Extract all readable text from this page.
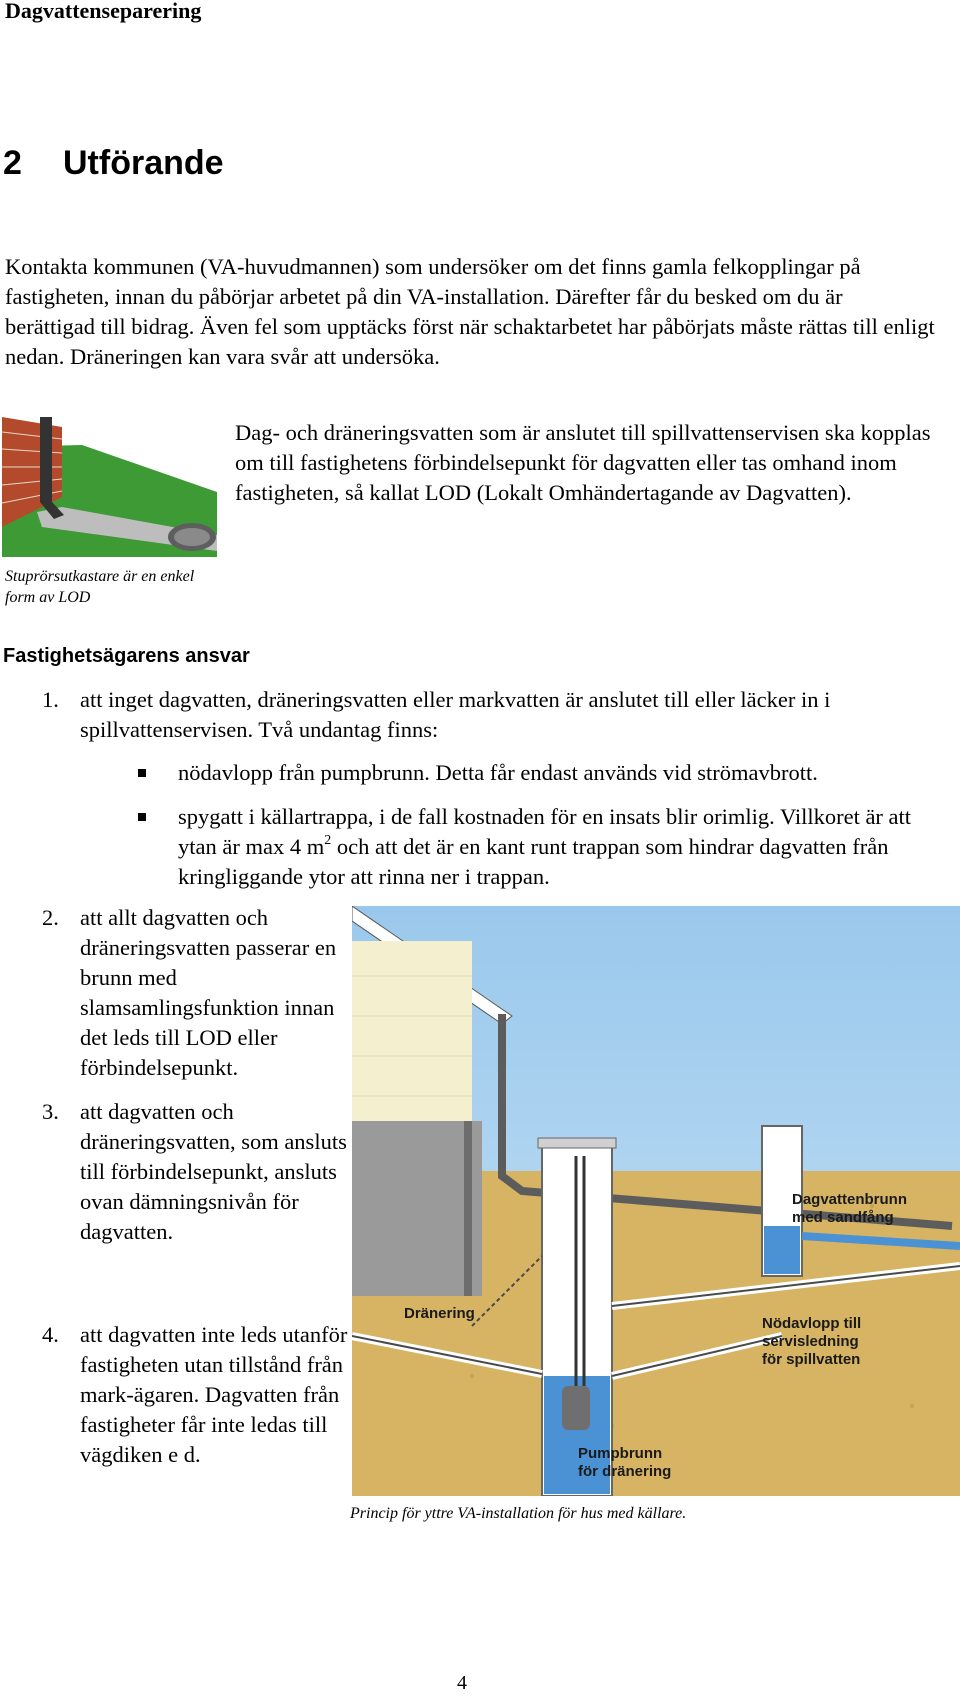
Dagvattenseparering
2 Utförande
Kontakta kommunen (VA-huvudmannen) som undersöker om det finns gamla felkopplingar på fastigheten, innan du påbörjar arbetet på din VA-installation. Därefter får du besked om du är berättigad till bidrag. Även fel som upptäcks först när schaktarbetet har påbörjats måste rättas till enligt nedan. Dräneringen kan vara svår att undersöka.
Dag- och dräneringsvatten som är anslutet till spillvattenservisen ska kopplas om till fastighetens förbindelsepunkt för dagvatten eller tas omhand inom fastigheten, så kallat LOD (Lokalt Omhändertagande av Dagvatten).
Stuprörsutkastare är en enkel form av LOD
Fastighetsägarens ansvar
1. att inget dagvatten, dräneringsvatten eller markvatten är anslutet till eller läcker in i spillvattenservisen. Två undantag finns:
nödavlopp från pumpbrunn. Detta får endast används vid strömavbrott.
spygatt i källartrappa, i de fall kostnaden för en insats blir orimlig. Villkoret är att ytan är max 4 $m^2$ och att det är en kant runt trappan som hindrar dagvatten från kringliggande ytor att rinna ner i trappan.
2. att allt dagvatten och dräneringsvatten passerar en brunn med slamsamlingsfunktion innan det leds till LOD eller förbindelsepunkt.
3. att dagvatten och dräneringsvatten, som ansluts till förbindelsepunkt, ansluts ovan dämningsnivån för dagvatten.
4. att dagvatten inte leds utanför fastigheten utan tillstånd från mark-ägaren. Dagvatten från fastigheter får inte ledas till vägdiken e d.
Dagvattenbrunn
med sandfång
Dränering
Nödavlopp till
servisledning
för spillvatten
Pumpbrunn
för dränering
Princip för yttre VA-installation för hus med källare.
4
